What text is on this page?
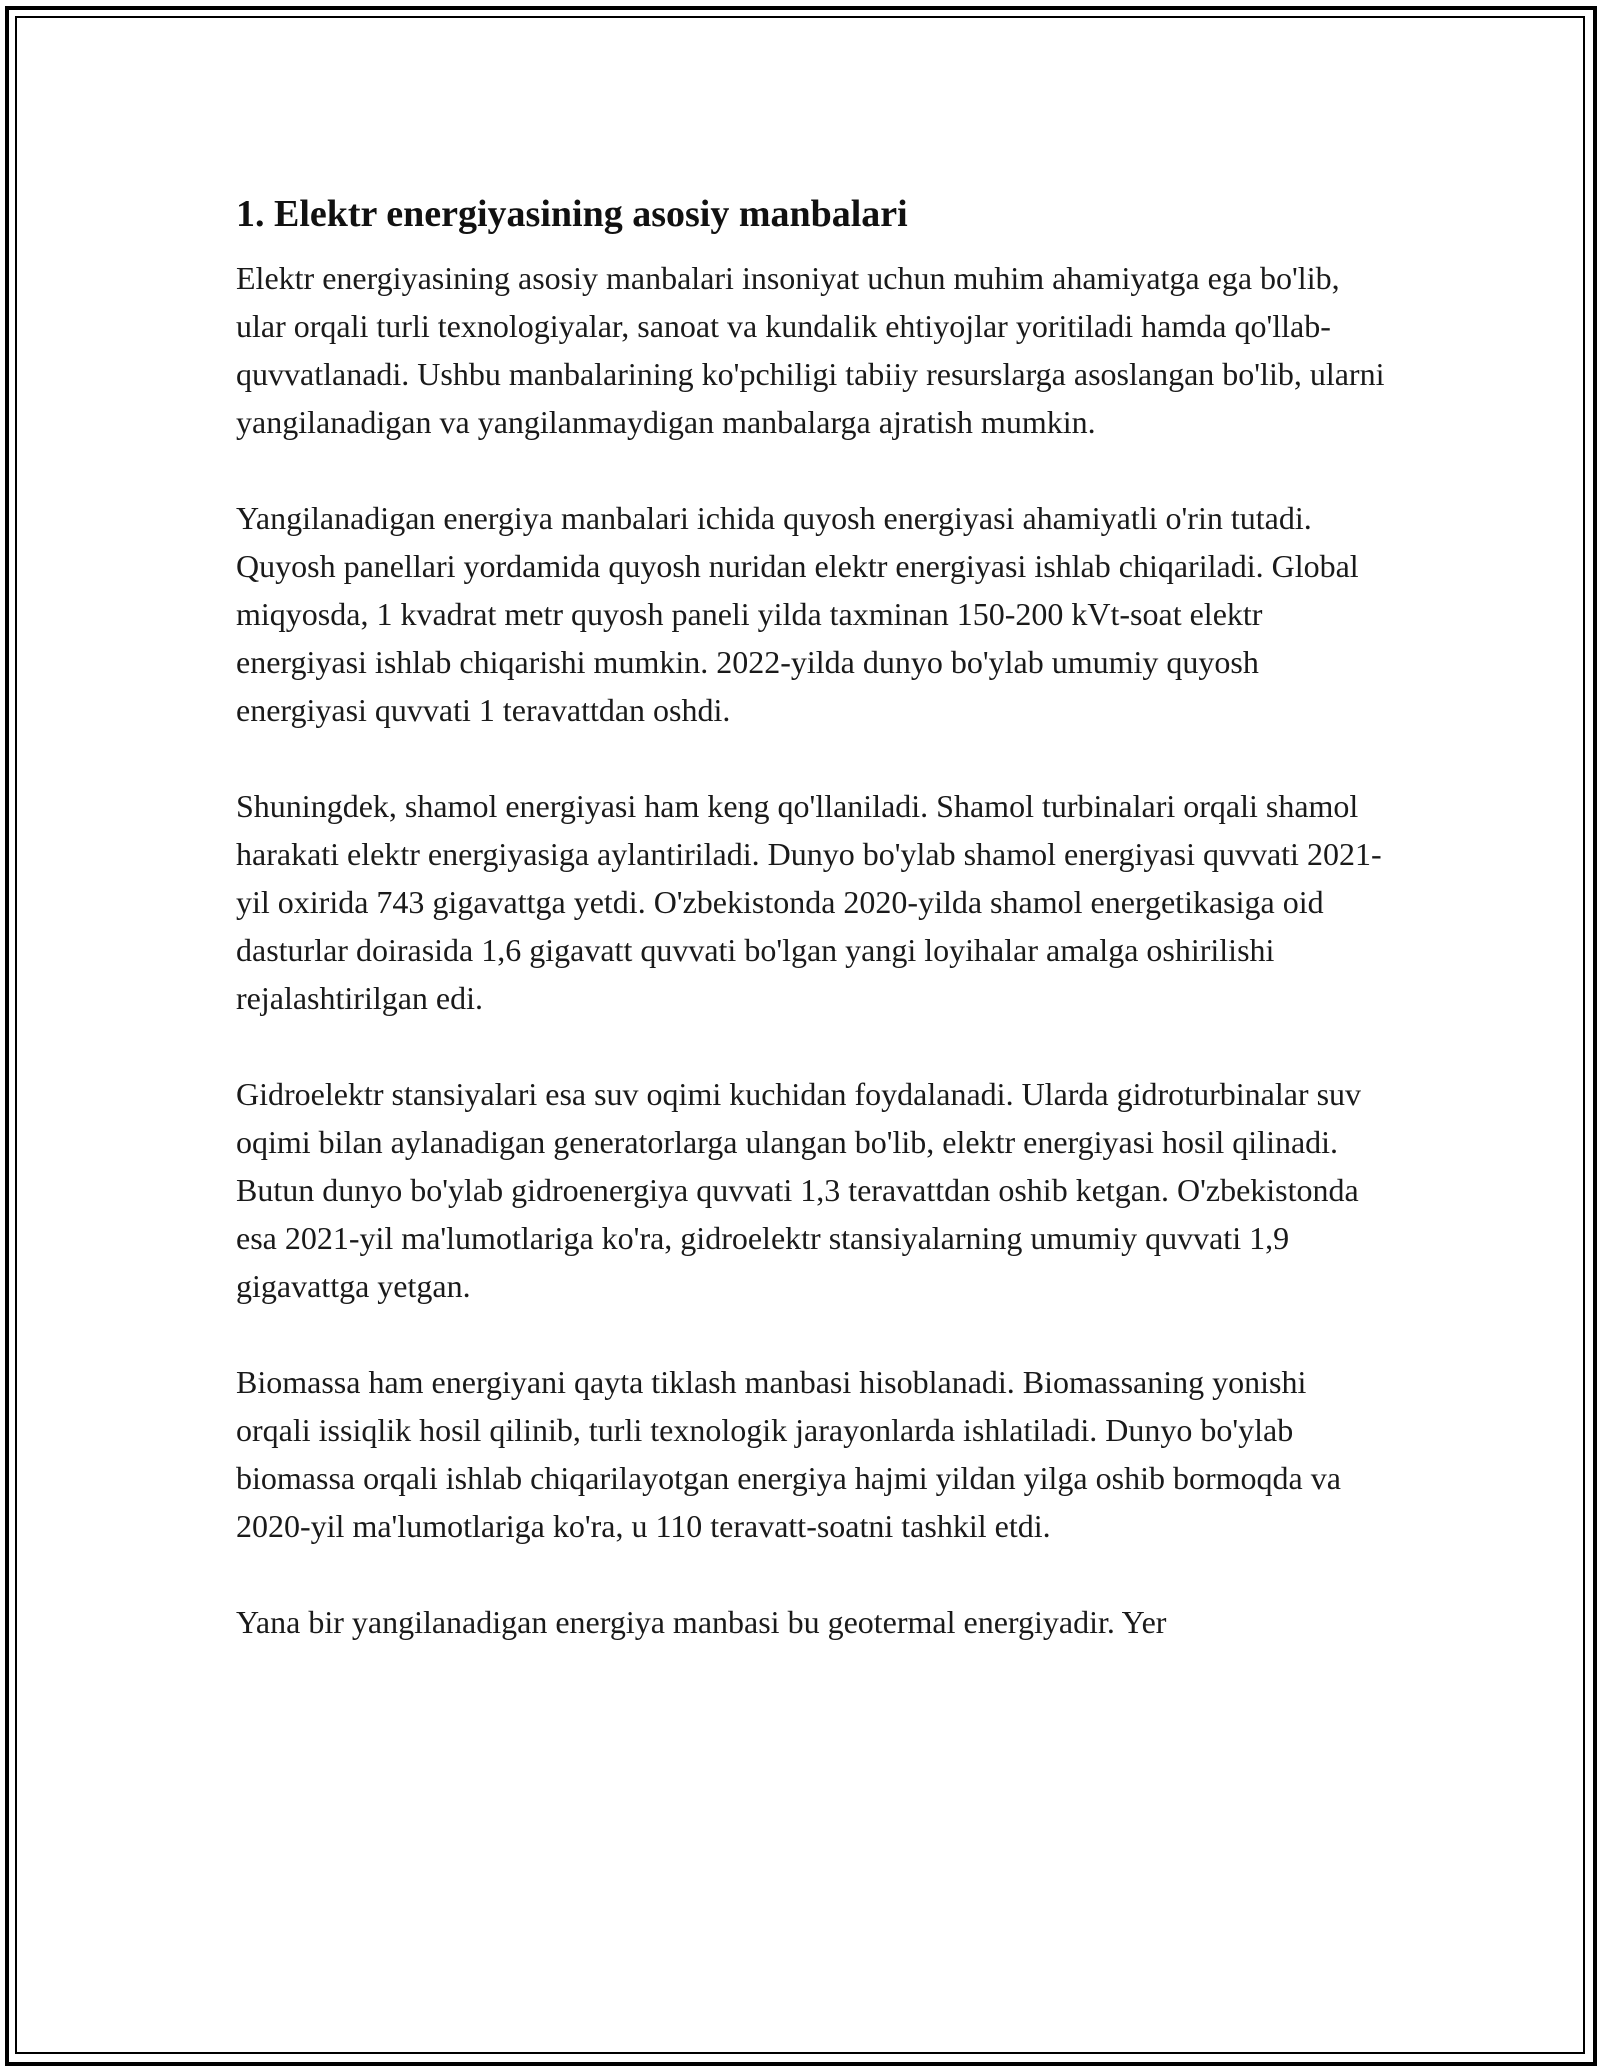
1. Elektr energiyasining asosiy manbalari

Elektr energiyasining asosiy manbalari insoniyat uchun muhim ahamiyatga ega bo'lib, ular orqali turli texnologiyalar, sanoat va kundalik ehtiyojlar yoritiladi hamda qo'llab-quvvatlanadi. Ushbu manbalarining ko'pchiligi tabiiy resurslarga asoslangan bo'lib, ularni yangilanadigan va yangilanmaydigan manbalarga ajratish mumkin.

Yangilanadigan energiya manbalari ichida quyosh energiyasi ahamiyatli o'rin tutadi. Quyosh panellari yordamida quyosh nuridan elektr energiyasi ishlab chiqariladi. Global miqyosda, 1 kvadrat metr quyosh paneli yilda taxminan 150-200 kVt-soat elektr energiyasi ishlab chiqarishi mumkin. 2022-yilda dunyo bo'ylab umumiy quyosh energiyasi quvvati 1 teravattdan oshdi.

Shuningdek, shamol energiyasi ham keng qo'llaniladi. Shamol turbinalari orqali shamol harakati elektr energiyasiga aylantiriladi. Dunyo bo'ylab shamol energiyasi quvvati 2021-yil oxirida 743 gigavattga yetdi. O'zbekistonda 2020-yilda shamol energetikasiga oid dasturlar doirasida 1,6 gigavatt quvvati bo'lgan yangi loyihalar amalga oshirilishi rejalashtirilgan edi.

Gidroelektr stansiyalari esa suv oqimi kuchidan foydalanadi. Ularda gidroturbinalar suv oqimi bilan aylanadigan generatorlarga ulangan bo'lib, elektr energiyasi hosil qilinadi. Butun dunyo bo'ylab gidroenergiya quvvati 1,3 teravattdan oshib ketgan. O'zbekistonda esa 2021-yil ma'lumotlariga ko'ra, gidroelektr stansiyalarning umumiy quvvati 1,9 gigavattga yetgan.

Biomassa ham energiyani qayta tiklash manbasi hisoblanadi. Biomassaning yonishi orqali issiqlik hosil qilinib, turli texnologik jarayonlarda ishlatiladi. Dunyo bo'ylab biomassa orqali ishlab chiqarilayotgan energiya hajmi yildan yilga oshib bormoqda va 2020-yil ma'lumotlariga ko'ra, u 110 teravatt-soatni tashkil etdi.

Yana bir yangilanadigan energiya manbasi bu geotermal energiyadir. Yer
